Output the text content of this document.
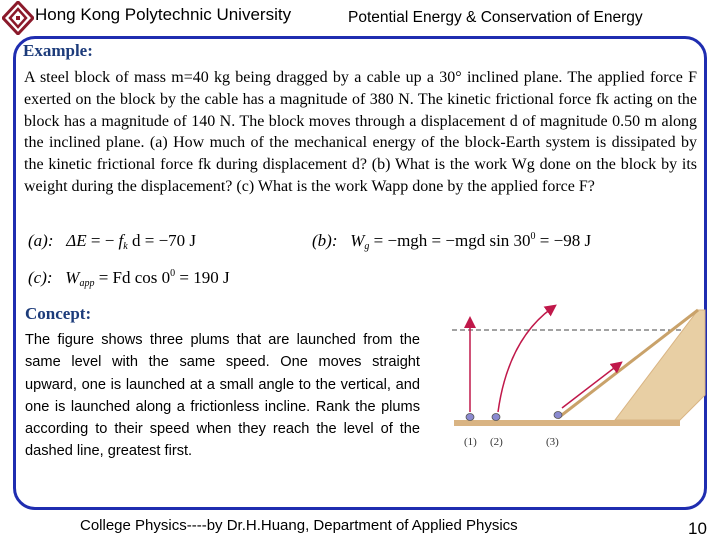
Hong Kong Polytechnic University	Potential Energy & Conservation of Energy
Example:
A steel block of mass m=40 kg being dragged by a cable up a 30° inclined plane. The applied force F exerted on the block by the cable has a magnitude of 380 N. The kinetic frictional force fk acting on the block has a magnitude of 140 N. The block moves through a displacement d of magnitude 0.50 m along the inclined plane. (a) How much of the mechanical energy of the block-Earth system is dissipated by the kinetic frictional force fk during displacement d? (b) What is the work Wg done on the block by its weight during the displacement? (c) What is the work Wapp done by the applied force F?
(a): ΔE = − $f_k$ d = −70 J	(b): $W_g = -mgh = -mgd$ $\sin 30^0 = -98$ J
(c): $W_{app} = Fd$ $\cos 0^0 = 190$ J
Concept:
The figure shows three plums that are launched from the same level with the same speed. One moves straight upward, one is launched at a small angle to the vertical, and one is launched along a frictionless incline. Rank the plums according to their speed when they reach the level of the dashed line, greatest first.
(1) (2)	(3)
College Physics----by Dr.H.Huang, Department of Applied Physics	10
